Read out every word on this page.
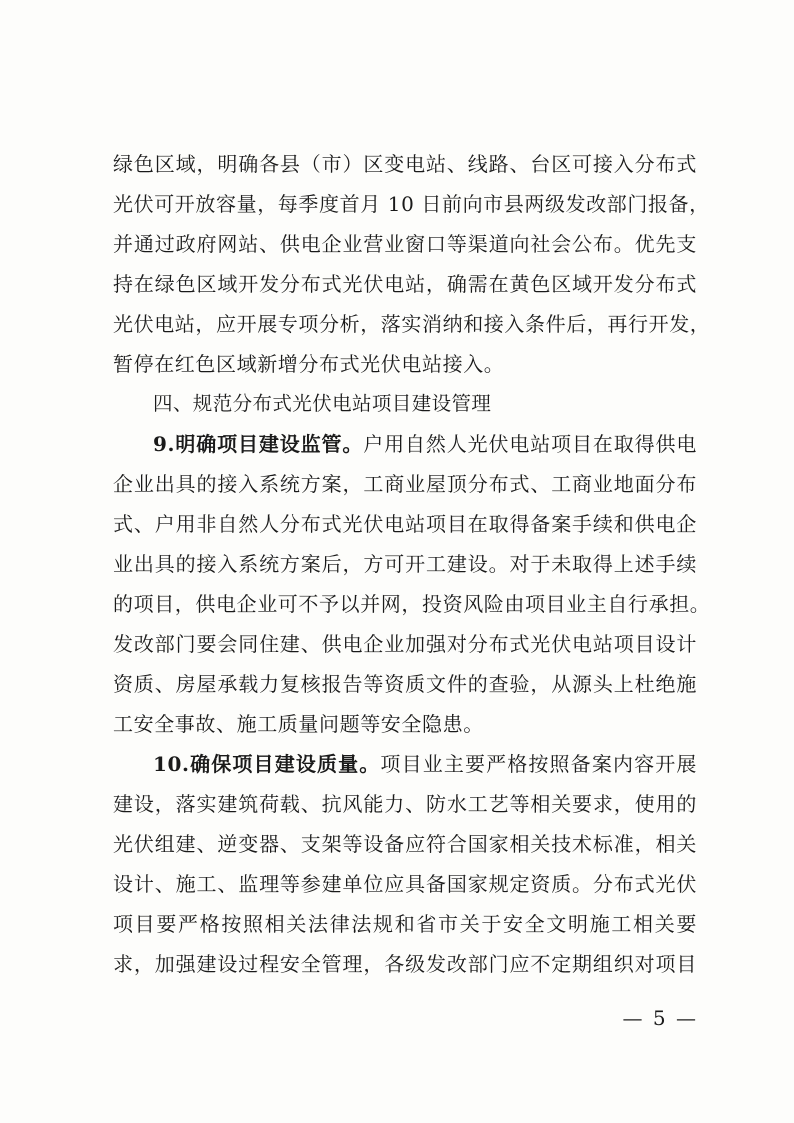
绿色区域，明确各县（市）区变电站、线路、台区可接入分布式
光伏可开放容量，每季度首月 10 日前向市县两级发改部门报备，
并通过政府网站、供电企业营业窗口等渠道向社会公布。优先支
持在绿色区域开发分布式光伏电站，确需在黄色区域开发分布式
光伏电站，应开展专项分析，落实消纳和接入条件后，再行开发，
暂停在红色区域新增分布式光伏电站接入。
四、规范分布式光伏电站项目建设管理
9.明确项目建设监管。户用自然人光伏电站项目在取得供电
企业出具的接入系统方案，工商业屋顶分布式、工商业地面分布
式、户用非自然人分布式光伏电站项目在取得备案手续和供电企
业出具的接入系统方案后，方可开工建设。对于未取得上述手续
的项目，供电企业可不予以并网，投资风险由项目业主自行承担。
发改部门要会同住建、供电企业加强对分布式光伏电站项目设计
资质、房屋承载力复核报告等资质文件的查验，从源头上杜绝施
工安全事故、施工质量问题等安全隐患。
10.确保项目建设质量。项目业主要严格按照备案内容开展
建设，落实建筑荷载、抗风能力、防水工艺等相关要求，使用的
光伏组建、逆变器、支架等设备应符合国家相关技术标准，相关
设计、施工、监理等参建单位应具备国家规定资质。分布式光伏
项目要严格按照相关法律法规和省市关于安全文明施工相关要
求，加强建设过程安全管理，各级发改部门应不定期组织对项目
— 5 —
